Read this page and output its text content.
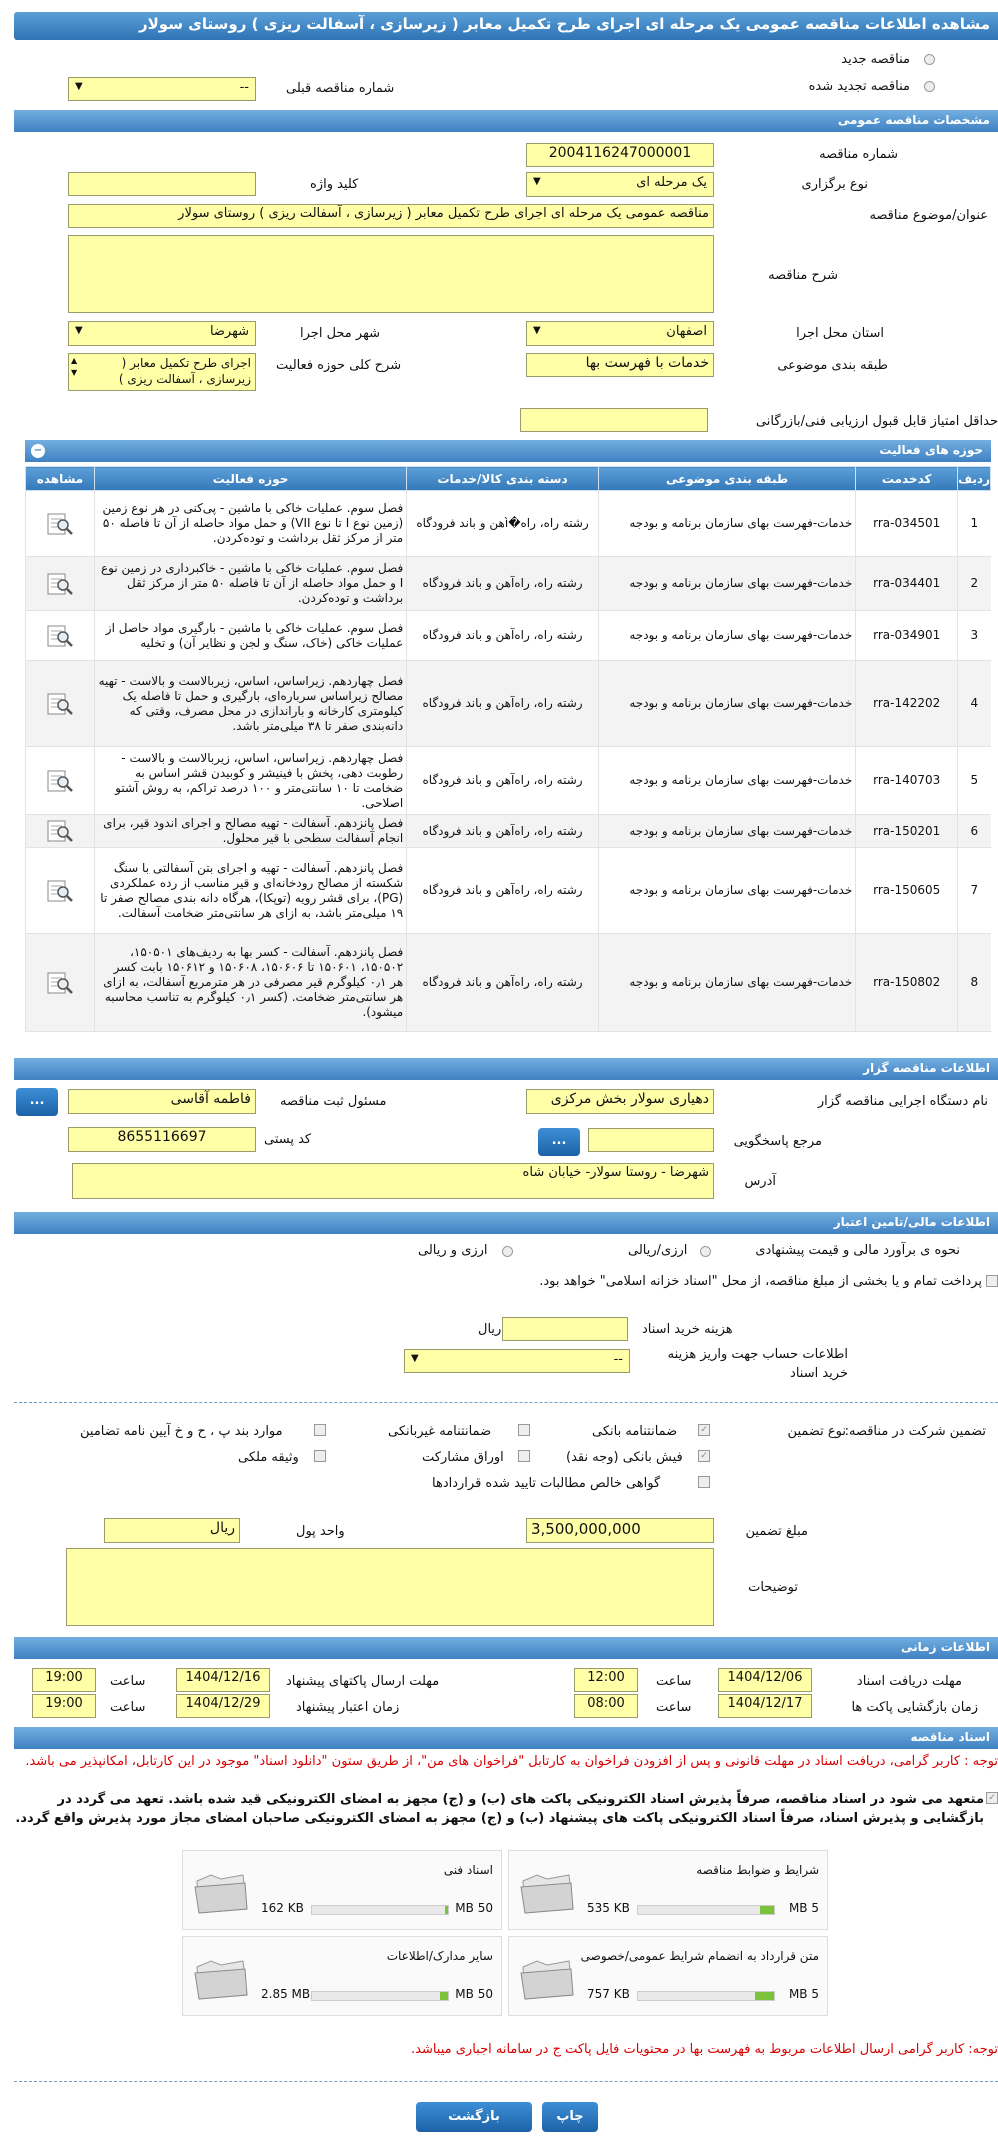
مشاهده اطلاعات مناقصه عمومی یک مرحله ای اجرای طرح تکمیل معابر ( زیرسازی ، آسفالت ریزی ) روستای سولار
مناقصه جدید
مناقصه تجدید شده
شماره مناقصه قبلی
▼	--
مشخصات مناقصه عمومی
شماره مناقصه
2004116247000001
نوع برگزاری
▼	یک مرحله ای
کلید واژه
عنوان/موضوع مناقصه
مناقصه عمومی یک مرحله ای اجرای طرح تکمیل معابر ( زیرسازی ، آسفالت ریزی ) روستای سولار
شرح مناقصه
استان محل اجرا
▼	اصفهان
شهر محل اجرا
▼	شهرضا
طبقه بندی موضوعی
خدمات با فهرست بها
شرح کلی حوزه فعالیت
اجرای طرح تکمیل معابر ( زیرسازی ، آسفالت ریزی )
▲
▼
حداقل امتیاز قابل قبول ارزیابی فنی/بازرگانی
حوزه های فعالیت
−
ردیف	کدخدمت	طبقه بندی موضوعی	دسته بندی کالا/خدمات	حوزه فعالیت	مشاهده
1	rra-034501	خدمات-فهرست بهای سازمان برنامه و بودجه	رشته راه، راه�ìهن و باند فرودگاه	فصل سوم. عملیات خاکی با ماشین - پی‌کنی در هر نوع زمین (زمین نوع I تا نوع VII) و حمل مواد حاصله از آن تا فاصله ۵۰ متر از مرکز ثقل برداشت و توده‌کردن.	

2	rra-034401	خدمات-فهرست بهای سازمان برنامه و بودجه	رشته راه، راه‌آهن و باند فرودگاه	فصل سوم. عملیات خاکی با ماشین - خاکبرداری در زمین نوع I و حمل مواد حاصله از آن تا فاصله ۵۰ متر از مرکز ثقل برداشت و توده‌کردن.	

3	rra-034901	خدمات-فهرست بهای سازمان برنامه و بودجه	رشته راه، راه‌آهن و باند فرودگاه	فصل سوم. عملیات خاکی با ماشین - بارگیری مواد حاصل از عملیات خاکی (خاک، سنگ و لجن و نظایر آن) و تخلیه	

4	rra-142202	خدمات-فهرست بهای سازمان برنامه و بودجه	رشته راه، راه‌آهن و باند فرودگاه	فصل چهاردهم. زیراساس، اساس، زیربالاست و بالاست - تهیه مصالح زیراساس سرباره‌ای، بارگیری و حمل تا فاصله یک کیلومتری کارخانه و باراندازی در محل مصرف، وقتی که دانه‌بندی صفر تا ۳۸ میلی‌متر باشد.	

5	rra-140703	خدمات-فهرست بهای سازمان برنامه و بودجه	رشته راه، راه‌آهن و باند فرودگاه	فصل چهاردهم. زیراساس، اساس، زیربالاست و بالاست - رطوبت دهی، پخش با فینیشر و کوبیدن قشر اساس به ضخامت تا ۱۰ سانتی‌متر و ۱۰۰ درصد تراکم، به روش آشتو اصلاحی.	

6	rra-150201	خدمات-فهرست بهای سازمان برنامه و بودجه	رشته راه، راه‌آهن و باند فرودگاه	فصل پانزدهم. آسفالت - تهیه مصالح و اجرای اندود قیر، برای انجام آسفالت سطحی با قیر محلول.	

7	rra-150605	خدمات-فهرست بهای سازمان برنامه و بودجه	رشته راه، راه‌آهن و باند فرودگاه	فصل پانزدهم. آسفالت - تهیه و اجرای بتن آسفالتی با سنگ شکسته از مصالح رودخانه‌ای و قیر مناسب از رده عملکردی (PG)، برای قشر رویه (توپکا)، هرگاه دانه بندی مصالح صفر تا ۱۹ میلی‌متر باشد، به ازای هر سانتی‌متر ضخامت آسفالت.	

8	rra-150802	خدمات-فهرست بهای سازمان برنامه و بودجه	رشته راه، راه‌آهن و باند فرودگاه	فصل پانزدهم. آسفالت - کسر بها به ردیف‌های ۱۵۰۵۰۱، ۱۵۰۵۰۲، ۱۵۰۶۰۱ تا ۱۵۰۶۰۶، ۱۵۰۶۰۸ و ۱۵۰۶۱۲ بابت کسر هر ۰٫۱ کیلوگرم قیر مصرفی در هر مترمربع آسفالت، به ازای هر سانتی‌متر ضخامت. (کسر ۰٫۱ کیلوگرم به تناسب محاسبه میشود).	
اطلاعات مناقصه گزار
نام دستگاه اجرایی مناقصه گزار
دهیاری سولار بخش مرکزی
مسئول ثبت مناقصه
فاطمه آقاسی
...
مرجع پاسخگویی
...
کد پستی
8655116697
آدرس
شهرضا - روستا سولار- خیابان شاه
اطلاعات مالی/تامین اعتبار
نحوه ی برآورد مالی و قیمت پیشنهادی
ارزی/ریالی
ارزی و ریالی
پرداخت تمام و یا بخشی از مبلغ مناقصه، از محل "اسناد خزانه اسلامی" خواهد بود.
هزینه خرید اسناد
ریال
اطلاعات حساب جهت واریز هزینه خرید اسناد
▼	--
تضمین شرکت در مناقصه:
نوع تضمین
✓
ضمانتنامه بانکی
ضمانتنامه غیربانکی
موارد بند پ ، ح و خ آیین نامه تضامین
✓
فیش بانکی (وجه نقد)
اوراق مشارکت
وثیقه ملکی
گواهی خالص مطالبات تایید شده قراردادها
مبلغ تضمین
3,500,000,000
واحد پول
ریال
توضیحات
اطلاعات زمانی
مهلت دریافت اسناد
1404/12/06
ساعت
12:00
مهلت ارسال پاکتهای پیشنهاد
1404/12/16
ساعت
19:00
زمان بازگشایی پاکت ها
1404/12/17
ساعت
08:00
زمان اعتبار پیشنهاد
1404/12/29
ساعت
19:00
اسناد مناقصه
توجه : کاربر گرامی، دریافت اسناد در مهلت قانونی و پس از افزودن فراخوان به کارتابل "فراخوان های من"، از طریق ستون "دانلود اسناد" موجود در این کارتابل، امکانپذیر می باشد.
✓
متعهد می شود در اسناد مناقصه، صرفاً پذیرش اسناد الکترونیکی پاکت های (ب) و (ج) مجهز به امضای الکترونیکی قید شده باشد. تعهد می گردد در بازگشایی و پذیرش اسناد، صرفاً اسناد الکترونیکی پاکت های پیشنهاد (ب) و (ج) مجهز به امضای الکترونیکی صاحبان امضای مجاز مورد پذیرش واقع گردد.
شرایط و ضوابط مناقصه
5 MB
535 KB
اسناد فنی
50 MB
162 KB
متن قرارداد به انضمام شرایط عمومی/خصوصی
5 MB
757 KB
سایر مدارک/اطلاعات
50 MB
2.85 MB
توجه: کاربر گرامی ارسال اطلاعات مربوط به فهرست بها در محتویات فایل پاکت ج در سامانه اجباری میباشد.
بازگشت	چاپ
